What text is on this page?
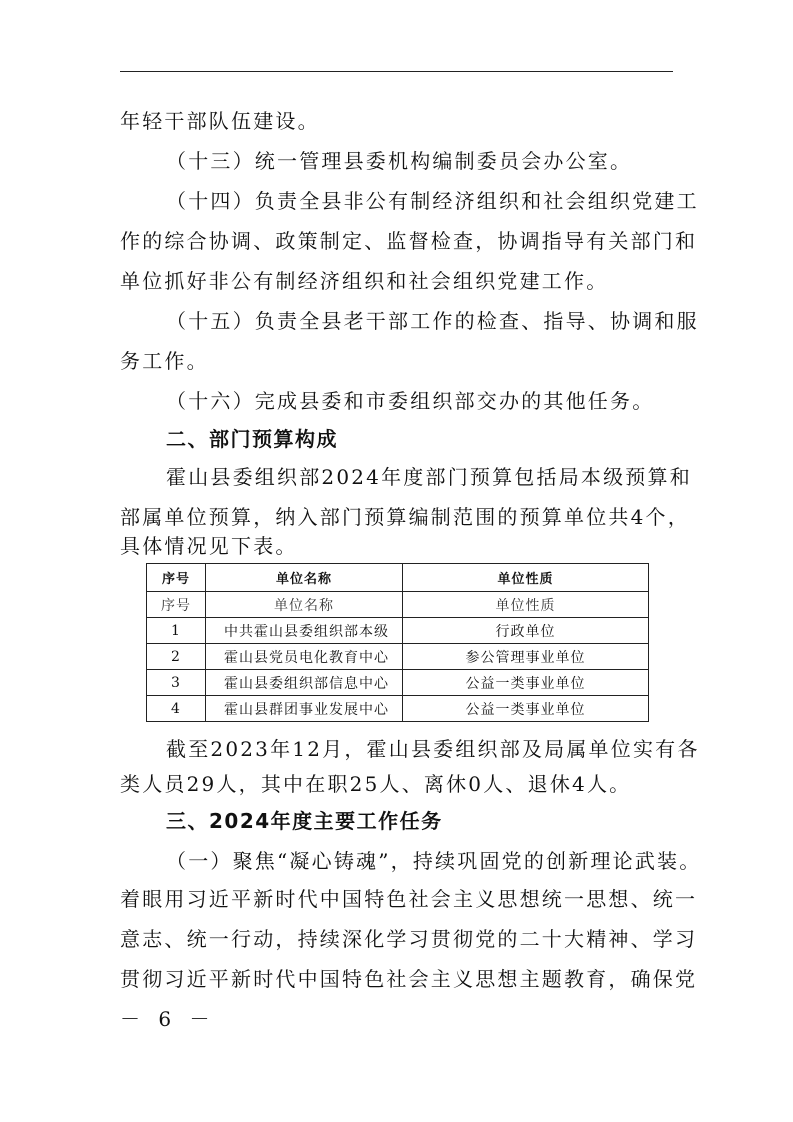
年轻干部队伍建设。
（十三）统一管理县委机构编制委员会办公室。
（十四）负责全县非公有制经济组织和社会组织党建工
作的综合协调、政策制定、监督检查，协调指导有关部门和
单位抓好非公有制经济组织和社会组织党建工作。
（十五）负责全县老干部工作的检查、指导、协调和服
务工作。
（十六）完成县委和市委组织部交办的其他任务。
二、部门预算构成
霍山县委组织部2024年度部门预算包括局本级预算和
部属单位预算，纳入部门预算编制范围的预算单位共4个，
具体情况见下表。
序号	单位名称	单位性质
序号	单位名称	单位性质
1	中共霍山县委组织部本级	行政单位
2	霍山县党员电化教育中心	参公管理事业单位
3	霍山县委组织部信息中心	公益一类事业单位
4	霍山县群团事业发展中心	公益一类事业单位
截至2023年12月，霍山县委组织部及局属单位实有各
类人员29人，其中在职25人、离休0人、退休4人。
三、2024年度主要工作任务
（一）聚焦“凝心铸魂”，持续巩固党的创新理论武装。
着眼用习近平新时代中国特色社会主义思想统一思想、统一
意志、统一行动，持续深化学习贯彻党的二十大精神、学习
贯彻习近平新时代中国特色社会主义思想主题教育，确保党
－ 6 －
